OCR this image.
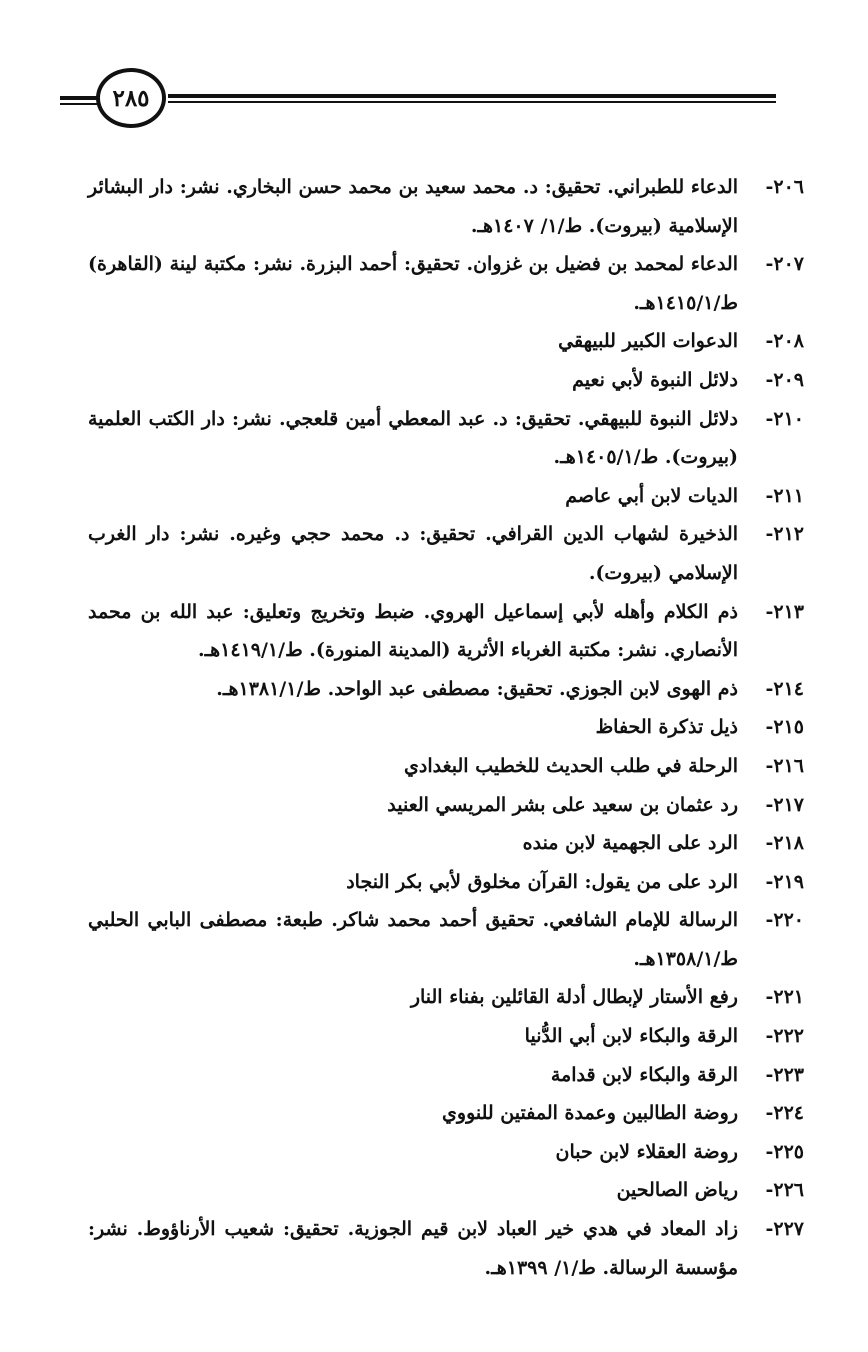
٢٨٥
٢٠٦-
الدعاء للطبراني. تحقيق: د. محمد سعيد بن محمد حسن البخاري. نشر: دار البشائر الإسلامية (بيروت). ط/١/ ١٤٠٧هـ.
٢٠٧-
الدعاء لمحمد بن فضيل بن غزوان. تحقيق: أحمد البزرة. نشر: مكتبة لينة (القاهرة) ط/١٤١٥/١هـ.
٢٠٨-
الدعوات الكبير للبيهقي
٢٠٩-
دلائل النبوة لأبي نعيم
٢١٠-
دلائل النبوة للبيهقي. تحقيق: د. عبد المعطي أمين قلعجي. نشر: دار الكتب العلمية (بيروت). ط/١٤٠٥/١هـ.
٢١١-
الديات لابن أبي عاصم
٢١٢-
الذخيرة لشهاب الدين القرافي. تحقيق: د. محمد حجي وغيره. نشر: دار الغرب الإسلامي (بيروت).
٢١٣-
ذم الكلام وأهله لأبي إسماعيل الهروي. ضبط وتخريج وتعليق: عبد الله بن محمد الأنصاري. نشر: مكتبة الغرباء الأثرية (المدينة المنورة). ط/١٤١٩/١هـ.
٢١٤-
ذم الهوى لابن الجوزي. تحقيق: مصطفى عبد الواحد. ط/١٣٨١/١هـ.
٢١٥-
ذيل تذكرة الحفاظ
٢١٦-
الرحلة في طلب الحديث للخطيب البغدادي
٢١٧-
رد عثمان بن سعيد على بشر المريسي العنيد
٢١٨-
الرد على الجهمية لابن منده
٢١٩-
الرد على من يقول: القرآن مخلوق لأبي بكر النجاد
٢٢٠-
الرسالة للإمام الشافعي. تحقيق أحمد محمد شاكر. طبعة: مصطفى البابي الحلبي ط/١٣٥٨/١هـ.
٢٢١-
رفع الأستار لإبطال أدلة القائلين بفناء النار
٢٢٢-
الرقة والبكاء لابن أبي الدُّنيا
٢٢٣-
الرقة والبكاء لابن قدامة
٢٢٤-
روضة الطالبين وعمدة المفتين للنووي
٢٢٥-
روضة العقلاء لابن حبان
٢٢٦-
رياض الصالحين
٢٢٧-
زاد المعاد في هدي خير العباد لابن قيم الجوزية. تحقيق: شعيب الأرناؤوط. نشر: مؤسسة الرسالة. ط/١/ ١٣٩٩هـ.
